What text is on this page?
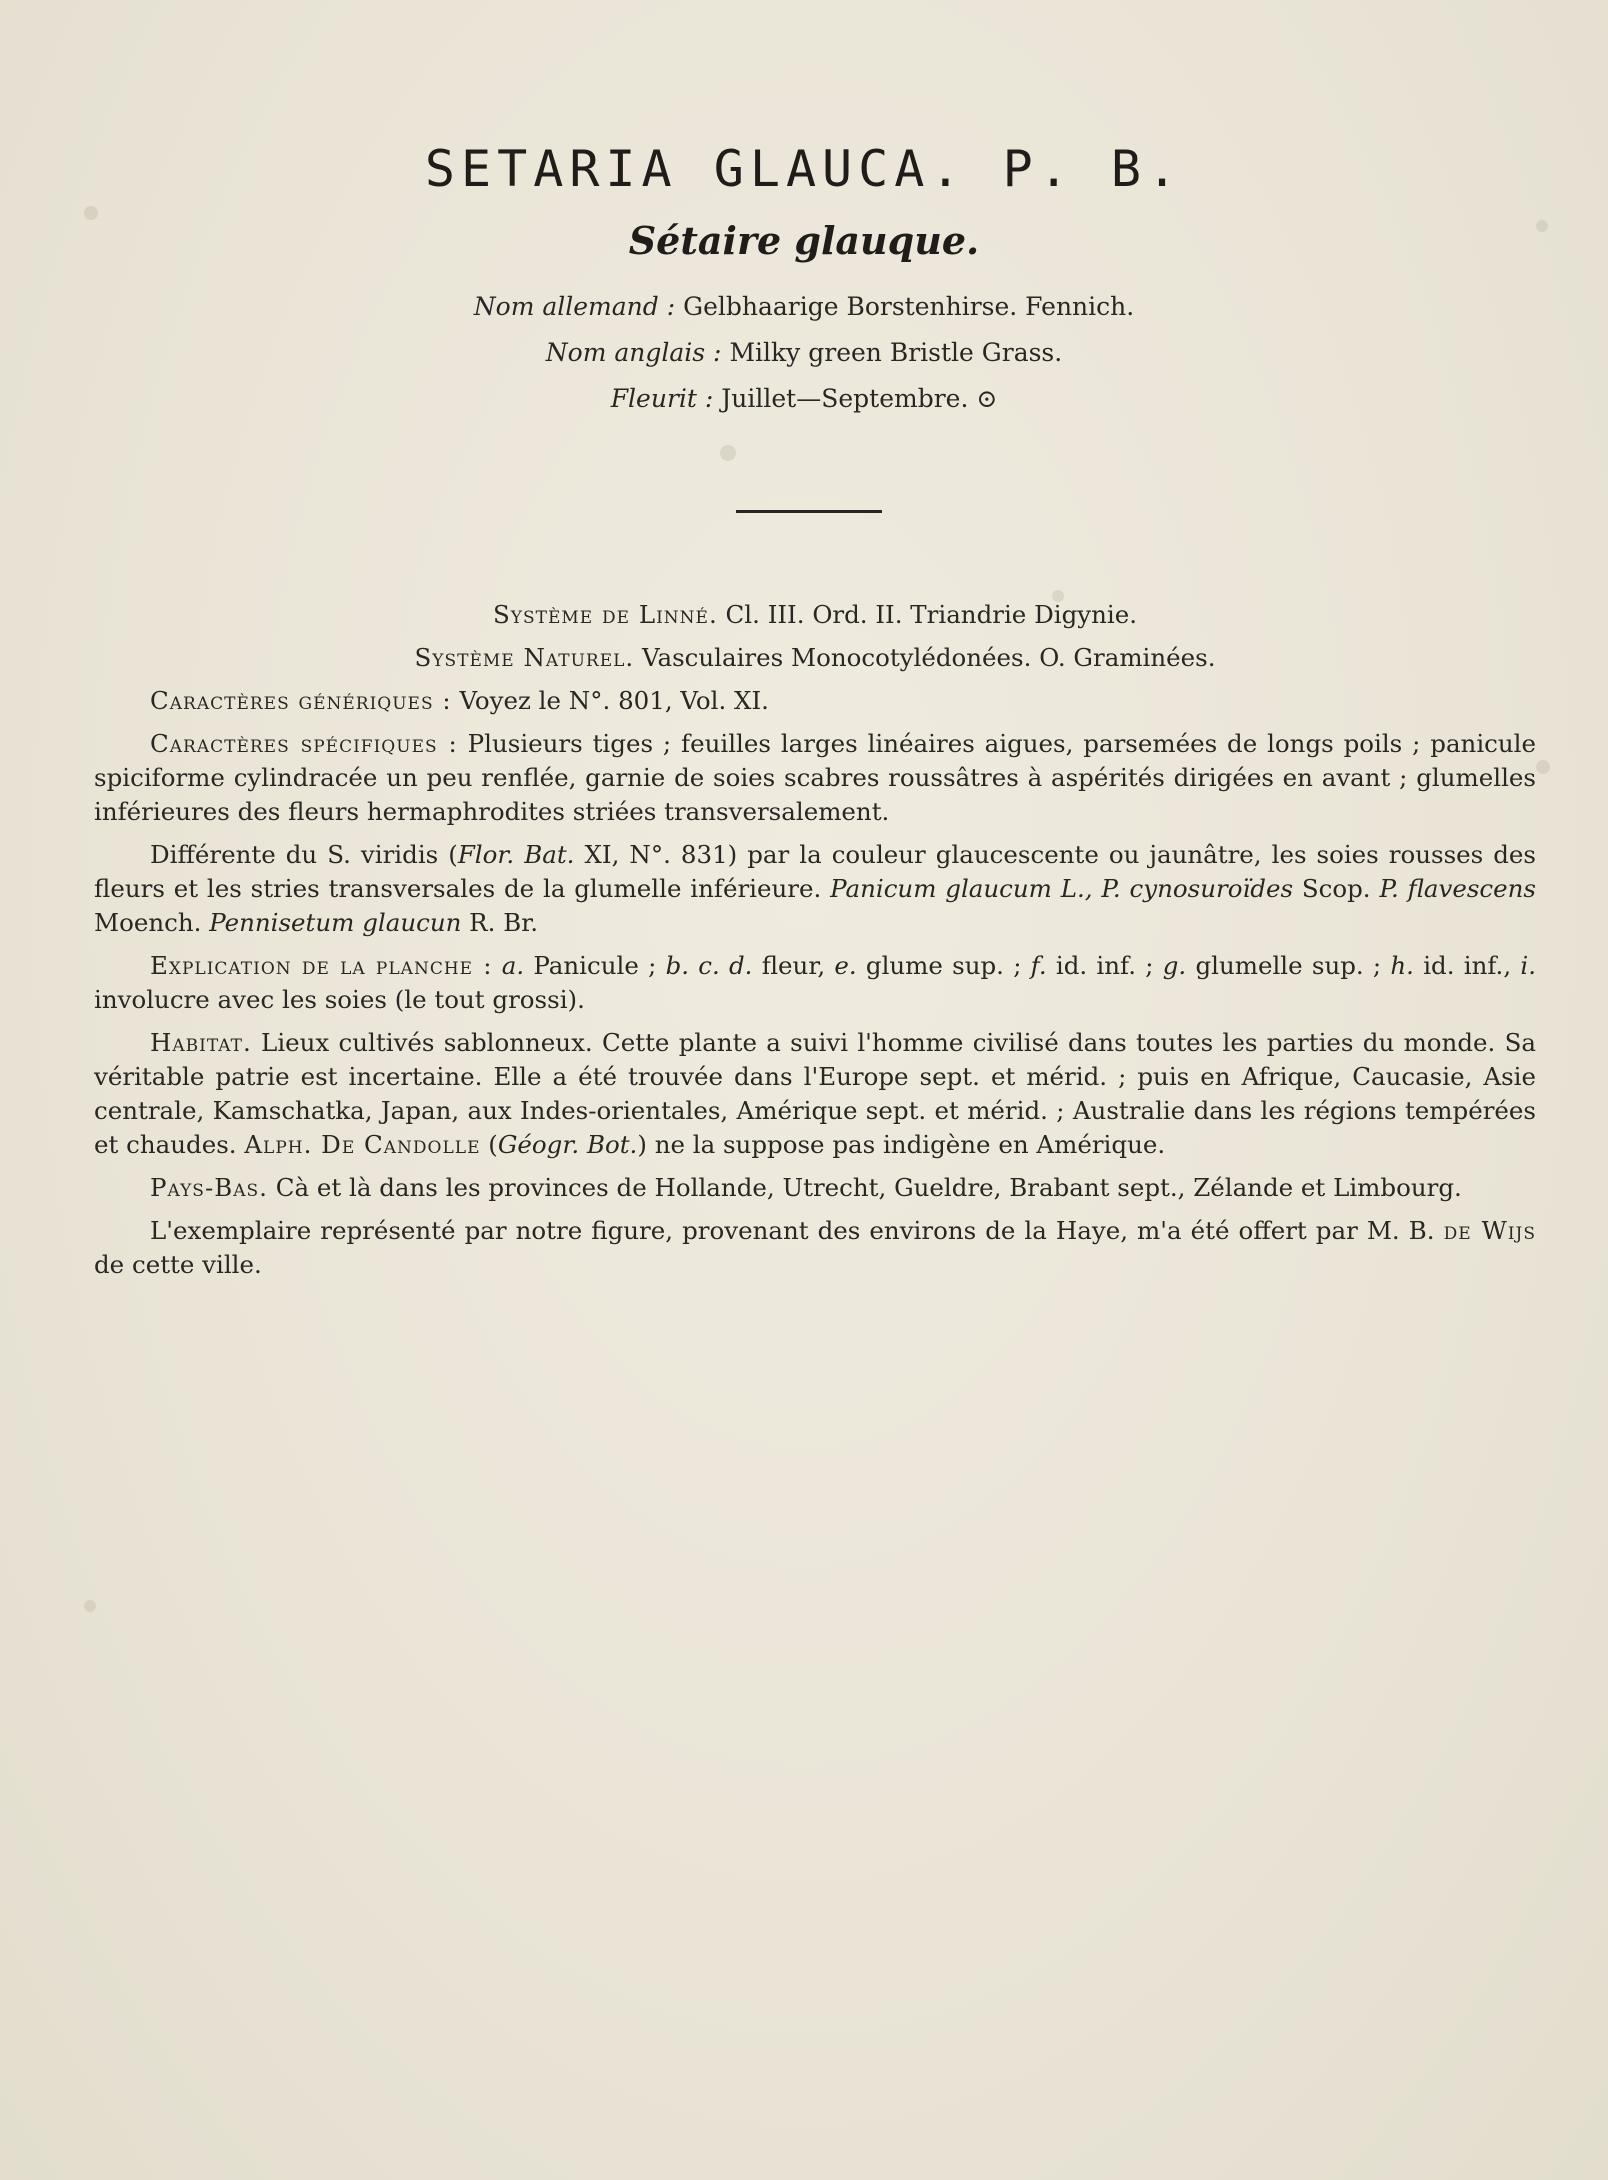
SETARIA GLAUCA. P. B.
Sétaire glauque.
Nom allemand : Gelbhaarige Borstenhirse. Fennich.
Nom anglais : Milky green Bristle Grass.
Fleurit : Juillet—Septembre. ⊙

Système de Linné. Cl. III. Ord. II. Triandrie Digynie.

Système Naturel. Vasculaires Monocotylédonées. O. Graminées.

Caractères génériques : Voyez le N°. 801, Vol. XI.

Caractères spécifiques : Plusieurs tiges ; feuilles larges linéaires aigues, parsemées de longs poils ; panicule spiciforme cylindracée un peu renflée, garnie de soies scabres roussâtres à aspérités dirigées en avant ; glumelles inférieures des fleurs hermaphrodites striées transversalement.

Différente du S. viridis (Flor. Bat. XI, N°. 831) par la couleur glaucescente ou jaunâtre, les soies rousses des fleurs et les stries transversales de la glumelle inférieure. Panicum glaucum L., P. cynosuroïdes Scop. P. flavescens Moench. Pennisetum glaucun R. Br.

Explication de la planche : a. Panicule ; b. c. d. fleur, e. glume sup. ; f. id. inf. ; g. glumelle sup. ; h. id. inf., i. involucre avec les soies (le tout grossi).

Habitat. Lieux cultivés sablonneux. Cette plante a suivi l'homme civilisé dans toutes les parties du monde. Sa véritable patrie est incertaine. Elle a été trouvée dans l'Europe sept. et mérid. ; puis en Afrique, Caucasie, Asie centrale, Kamschatka, Japan, aux Indes-orientales, Amérique sept. et mérid. ; Australie dans les régions tempérées et chaudes. Alph. De Candolle (Géogr. Bot.) ne la suppose pas indigène en Amérique.

Pays-Bas. Cà et là dans les provinces de Hollande, Utrecht, Gueldre, Brabant sept., Zélande et Limbourg.

L'exemplaire représenté par notre figure, provenant des environs de la Haye, m'a été offert par M. B. de Wijs de cette ville.
